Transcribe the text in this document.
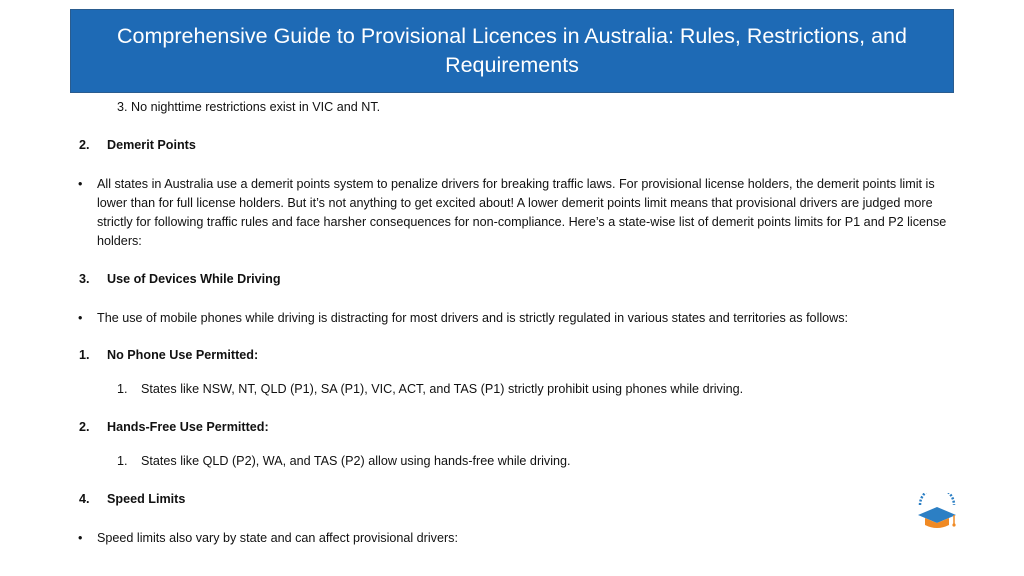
Comprehensive Guide to Provisional Licences in Australia: Rules, Restrictions, and Requirements
3. No nighttime restrictions exist in VIC and NT.
2. Demerit Points
• All states in Australia use a demerit points system to penalize drivers for breaking traffic laws. For provisional license holders, the demerit points limit is lower than for full license holders. But it’s not anything to get excited about! A lower demerit points limit means that provisional drivers are judged more strictly for following traffic rules and face harsher consequences for non-compliance. Here’s a state-wise list of demerit points limits for P1 and P2 license holders:
3. Use of Devices While Driving
• The use of mobile phones while driving is distracting for most drivers and is strictly regulated in various states and territories as follows:
1. No Phone Use Permitted:
1. States like NSW, NT, QLD (P1), SA (P1), VIC, ACT, and TAS (P1) strictly prohibit using phones while driving.
2. Hands-Free Use Permitted:
1. States like QLD (P2), WA, and TAS (P2) allow using hands-free while driving.
4. Speed Limits
• Speed limits also vary by state and can affect provisional drivers:
